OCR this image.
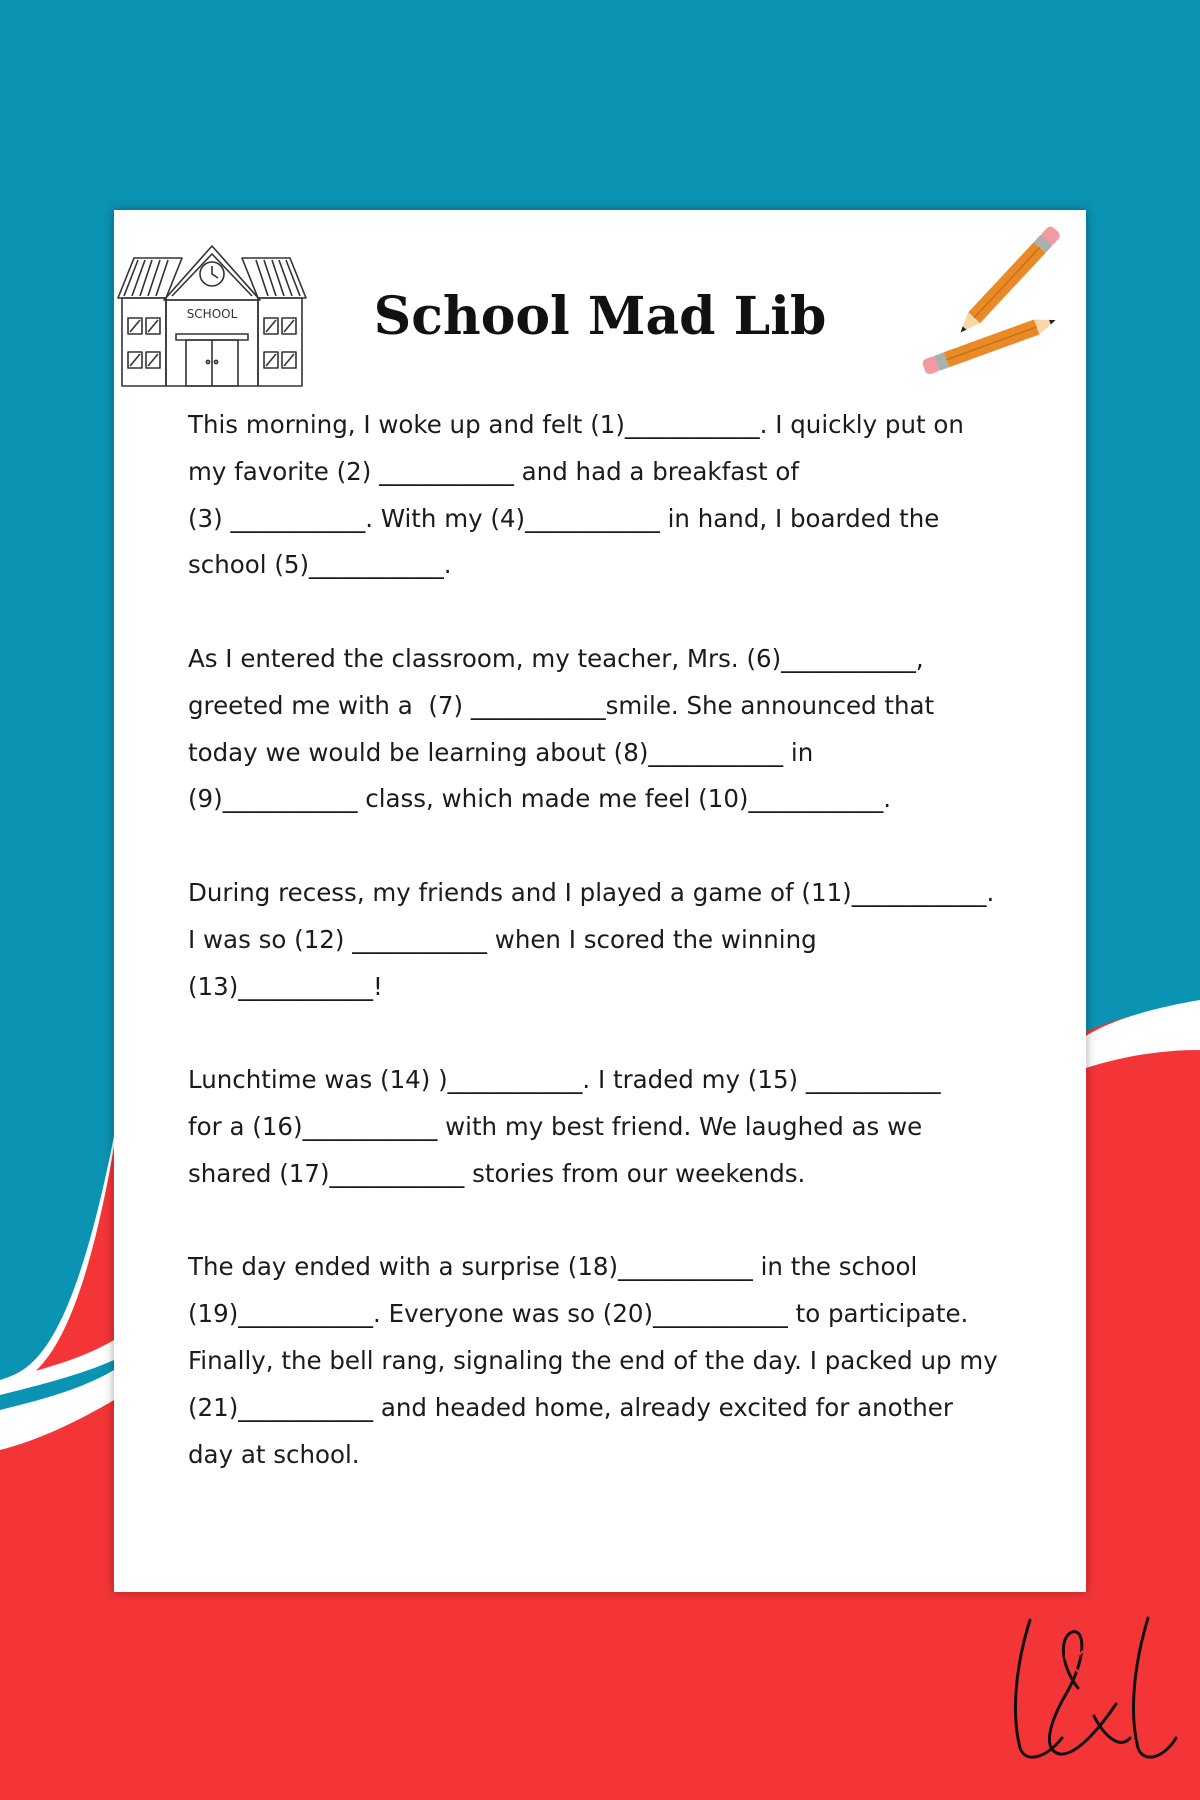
SCHOOL	School Mad Lib
This morning, I woke up and felt (1)___________. I quickly put on
my favorite (2) ___________ and had a breakfast of
(3) ___________. With my (4)___________ in hand, I boarded the
school (5)___________.
As I entered the classroom, my teacher, Mrs. (6)___________,
greeted me with a  (7) ___________smile. She announced that
today we would be learning about (8)___________ in
(9)___________ class, which made me feel (10)___________.
During recess, my friends and I played a game of (11)___________.
I was so (12) ___________ when I scored the winning
(13)___________!
Lunchtime was (14) )___________. I traded my (15) ___________
for a (16)___________ with my best friend. We laughed as we
shared (17)___________ stories from our weekends.
The day ended with a surprise (18)___________ in the school
(19)___________. Everyone was so (20)___________ to participate.
Finally, the bell rang, signaling the end of the day. I packed up my
(21)___________ and headed home, already excited for another
day at school.
